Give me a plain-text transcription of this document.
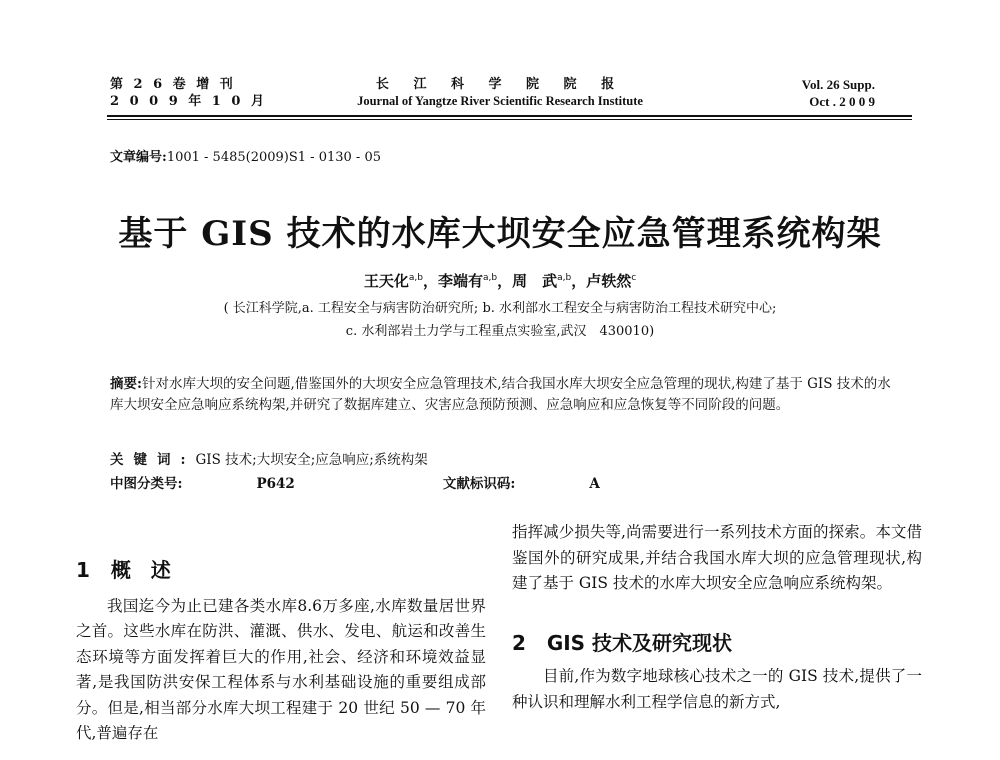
第 2 6 卷 增 刊
2 0 0 9 年 1 0 月
长 江 科 学 院 院 报
Journal of Yangtze River Scientific Research Institute
Vol. 26 Supp.
Oct . 2 0 0 9
文章编号:1001 - 5485(2009)S1 - 0130 - 05
基于 GIS 技术的水库大坝安全应急管理系统构架
王天化$^{a,b}$，李端有$^{a,b}$，周　武$^{a,b}$，卢轶然$^c$
( 长江科学院,a. 工程安全与病害防治研究所; b. 水利部水工程安全与病害防治工程技术研究中心;
c. 水利部岩土力学与工程重点实验室,武汉　430010)
摘要:针对水库大坝的安全问题,借鉴国外的大坝安全应急管理技术,结合我国水库大坝安全应急管理的现状,构建了基于 GIS 技术的水库大坝安全应急响应系统构架,并研究了数据库建立、灾害应急预防预测、应急响应和应急恢复等不同阶段的问题。
关键词:GIS 技术;大坝安全;应急响应;系统构架
中图分类号:	P642	文献标识码:	A
1 概　述

我国迄今为止已建各类水库8.6万多座,水库数量居世界之首。这些水库在防洪、灌溉、供水、发电、航运和改善生态环境等方面发挥着巨大的作用,社会、经济和环境效益显著,是我国防洪安保工程体系与水利基础设施的重要组成部分。但是,相当部分水库大坝工程建于 20 世纪 50 — 70 年代,普遍存在

指挥减少损失等,尚需要进行一系列技术方面的探索。本文借鉴国外的研究成果,并结合我国水库大坝的应急管理现状,构建了基于 GIS 技术的水库大坝安全应急响应系统构架。

2 GIS 技术及研究现状

目前,作为数字地球核心技术之一的 GIS 技术,提供了一种认识和理解水利工程学信息的新方式,
